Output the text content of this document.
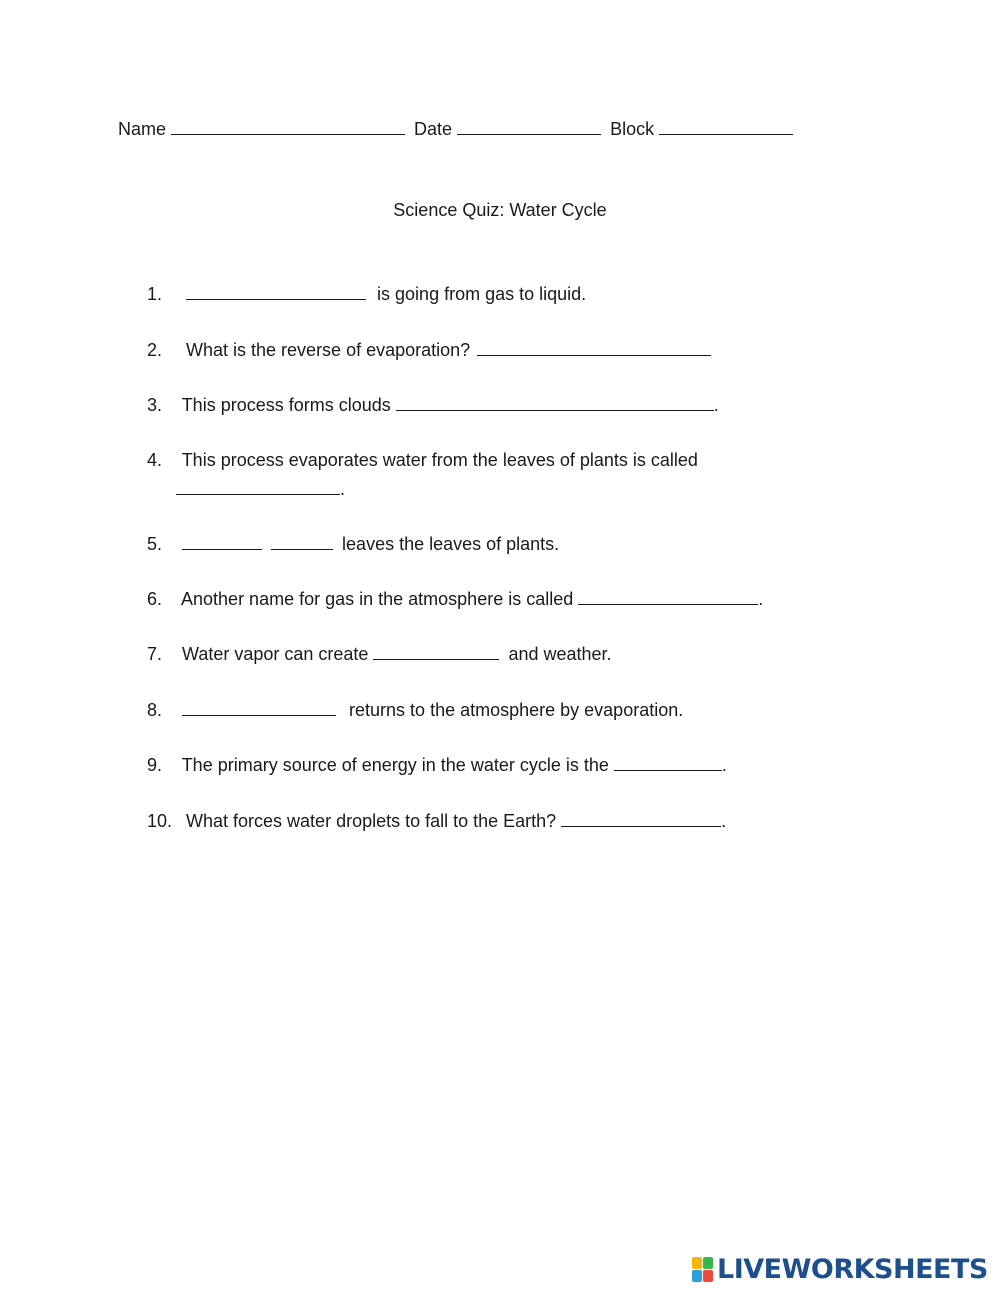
Name	Date	Block
Science Quiz: Water Cycle
1.	is going from gas to liquid.
2. What is the reverse of evaporation?
3. This process forms clouds	.
4. This process evaporates water from the leaves of plants is called
.
5.	leaves the leaves of plants.
6. Another name for gas in the atmosphere is called	.
7. Water vapor can create	and weather.
8.	returns to the atmosphere by evaporation.
9. The primary source of energy in the water cycle is the	.
10. What forces water droplets to fall to the Earth?	.
LIVEWORKSHEETS
